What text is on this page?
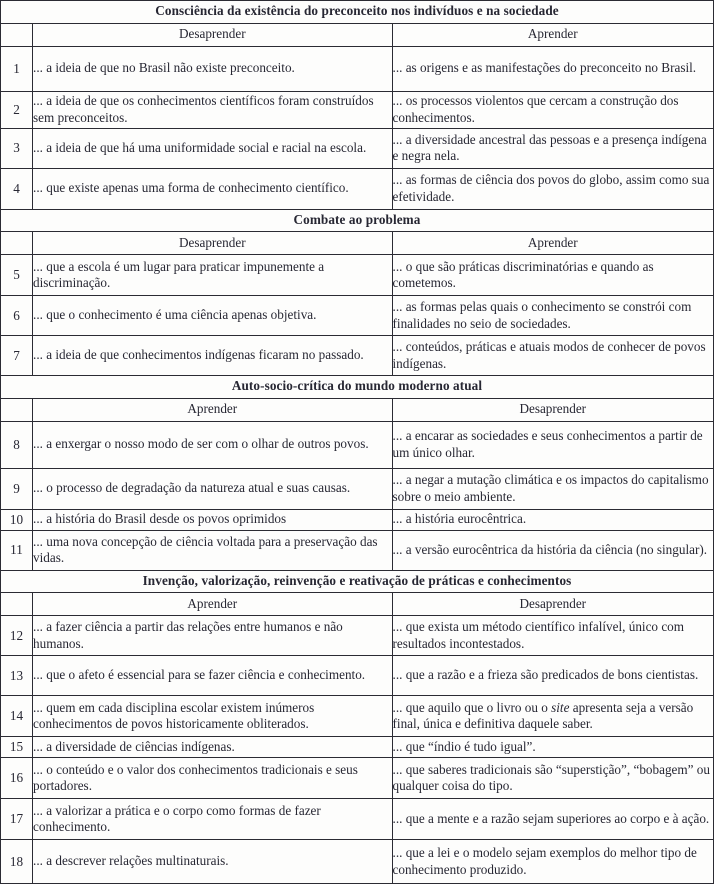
Consciência da existência do preconceito nos indivíduos e na sociedade		
	Desaprender	Aprender
1	... a ideia de que no Brasil não existe preconceito.	... as origens e as manifestações do preconceito no Brasil.
2	... a ideia de que os conhecimentos científicos foram construídos sem preconceitos.	... os processos violentos que cercam a construção dos conhecimentos.
3	... a ideia de que há uma uniformidade social e racial na escola.	... a diversidade ancestral das pessoas e a presença indígena e negra nela.
4	... que existe apenas uma forma de conhecimento científico.	... as formas de ciência dos povos do globo, assim como sua efetividade.
Combate ao problema		
	Desaprender	Aprender
5	... que a escola é um lugar para praticar impunemente a discriminação.	... o que são práticas discriminatórias e quando as cometemos.
6	... que o conhecimento é uma ciência apenas objetiva.	... as formas pelas quais o conhecimento se constrói com finalidades no seio de sociedades.
7	... a ideia de que conhecimentos indígenas ficaram no passado.	... conteúdos, práticas e atuais modos de conhecer de povos indígenas.
Auto-socio-crítica do mundo moderno atual		
	Aprender	Desaprender
8	... a enxergar o nosso modo de ser com o olhar de outros povos.	... a encarar as sociedades e seus conhecimentos a partir de um único olhar.
9	... o processo de degradação da natureza atual e suas causas.	... a negar a mutação climática e os impactos do capitalismo sobre o meio ambiente.
10	... a história do Brasil desde os povos oprimidos	... a história eurocêntrica.
11	... uma nova concepção de ciência voltada para a preservação das vidas.	... a versão eurocêntrica da história da ciência (no singular).
Invenção, valorização, reinvenção e reativação de práticas e conhecimentos		
	Aprender	Desaprender
12	... a fazer ciência a partir das relações entre humanos e não humanos.	... que exista um método científico infalível, único com resultados incontestados.
13	... que o afeto é essencial para se fazer ciência e conhecimento.	... que a razão e a frieza são predicados de bons cientistas.
14	... quem em cada disciplina escolar existem inúmeros conhecimentos de povos historicamente obliterados.	... que aquilo que o livro ou o site apresenta seja a versão final, única e definitiva daquele saber.
15	... a diversidade de ciências indígenas.	... que “índio é tudo igual”.
16	... o conteúdo e o valor dos conhecimentos tradicionais e seus portadores.	... que saberes tradicionais são “superstição”, “bobagem” ou qualquer coisa do tipo.
17	... a valorizar a prática e o corpo como formas de fazer conhecimento.	... que a mente e a razão sejam superiores ao corpo e à ação.
18	... a descrever relações multinaturais.	... que a lei e o modelo sejam exemplos do melhor tipo de conhecimento produzido.
